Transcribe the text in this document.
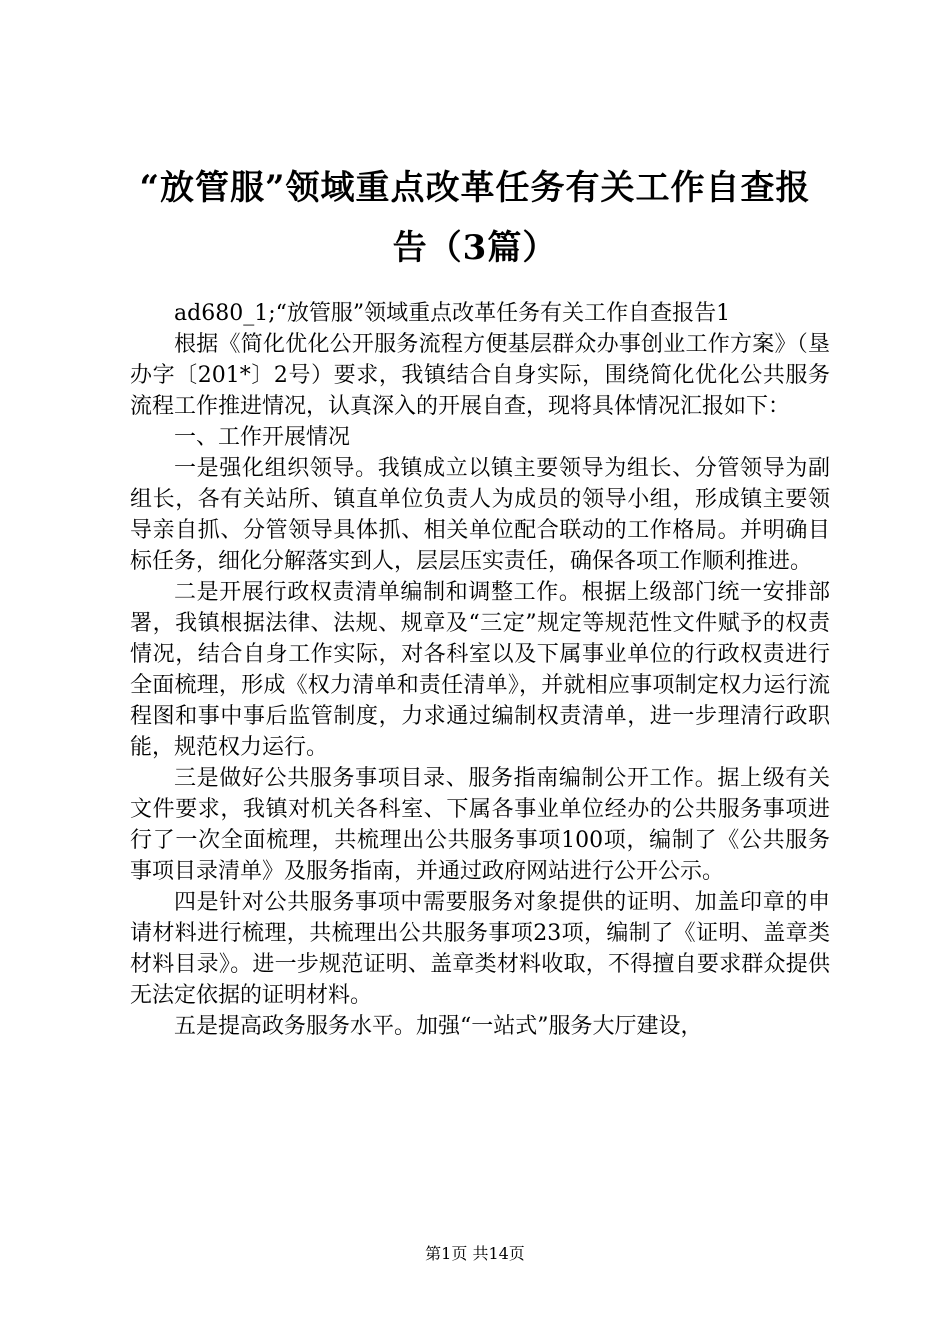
“放管服”领域重点改革任务有关工作自查报
告（3篇）

ad680_1;“放管服”领域重点改革任务有关工作自查报告1

根据《简化优化公开服务流程方便基层群众办事创业工作方案》（垦办字〔201*〕2号）要求，我镇结合自身实际，围绕简化优化公共服务流程工作推进情况，认真深入的开展自查，现将具体情况汇报如下：

一、工作开展情况

一是强化组织领导。我镇成立以镇主要领导为组长、分管领导为副组长，各有关站所、镇直单位负责人为成员的领导小组，形成镇主要领导亲自抓、分管领导具体抓、相关单位配合联动的工作格局。并明确目标任务，细化分解落实到人，层层压实责任，确保各项工作顺利推进。

二是开展行政权责清单编制和调整工作。根据上级部门统一安排部署，我镇根据法律、法规、规章及“三定”规定等规范性文件赋予的权责情况，结合自身工作实际，对各科室以及下属事业单位的行政权责进行全面梳理，形成《权力清单和责任清单》，并就相应事项制定权力运行流程图和事中事后监管制度，力求通过编制权责清单，进一步理清行政职能，规范权力运行。

三是做好公共服务事项目录、服务指南编制公开工作。据上级有关文件要求，我镇对机关各科室、下属各事业单位经办的公共服务事项进行了一次全面梳理，共梳理出公共服务事项100项，编制了《公共服务事项目录清单》及服务指南，并通过政府网站进行公开公示。

四是针对公共服务事项中需要服务对象提供的证明、加盖印章的申请材料进行梳理，共梳理出公共服务事项23项，编制了《证明、盖章类材料目录》。进一步规范证明、盖章类材料收取，不得擅自要求群众提供无法定依据的证明材料。

五是提高政务服务水平。加强“一站式”服务大厅建设，

第1页 共14页
